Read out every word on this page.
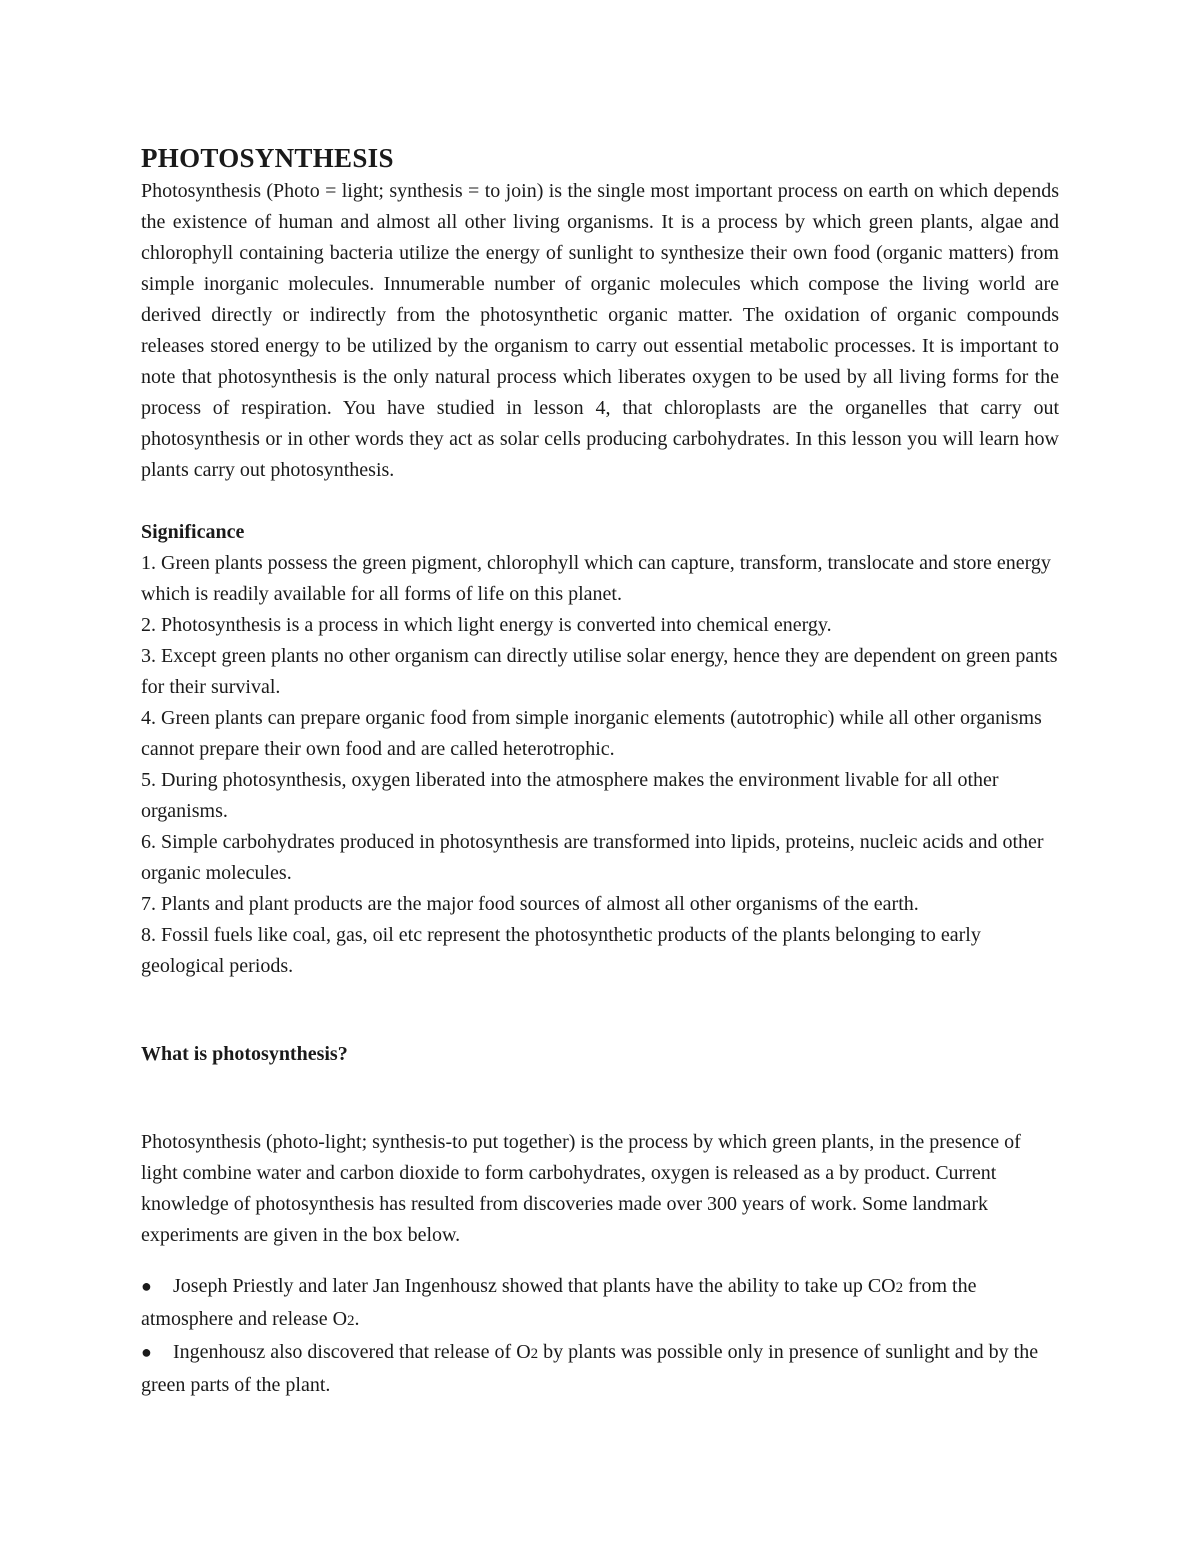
PHOTOSYNTHESIS

Photosynthesis (Photo = light; synthesis = to join) is the single most important process on earth on which depends the existence of human and almost all other living organisms. It is a process by which green plants, algae and chlorophyll containing bacteria utilize the energy of sunlight to synthesize their own food (organic matters) from simple inorganic molecules. Innumerable number of organic molecules which compose the living world are derived directly or indirectly from the photosynthetic organic matter. The oxidation of organic compounds releases stored energy to be utilized by the organism to carry out essential metabolic processes. It is important to note that photosynthesis is the only natural process which liberates oxygen to be used by all living forms for the process of respiration. You have studied in lesson 4, that chloroplasts are the organelles that carry out photosynthesis or in other words they act as solar cells producing carbohydrates. In this lesson you will learn how plants carry out photosynthesis.

Significance

1. Green plants possess the green pigment, chlorophyll which can capture, transform, translocate and store energy which is readily available for all forms of life on this planet.

2. Photosynthesis is a process in which light energy is converted into chemical energy.

3. Except green plants no other organism can directly utilise solar energy, hence they are dependent on green pants for their survival.

4. Green plants can prepare organic food from simple inorganic elements (autotrophic) while all other organisms cannot prepare their own food and are called heterotrophic.

5. During photosynthesis, oxygen liberated into the atmosphere makes the environment livable for all other organisms.

6. Simple carbohydrates produced in photosynthesis are transformed into lipids, proteins, nucleic acids and other organic molecules.

7. Plants and plant products are the major food sources of almost all other organisms of the earth.

8. Fossil fuels like coal, gas, oil etc represent the photosynthetic products of the plants belonging to early geological periods.

What is photosynthesis?

Photosynthesis (photo-light; synthesis-to put together) is the process by which green plants, in the presence of light combine water and carbon dioxide to form carbohydrates, oxygen is released as a by product. Current knowledge of photosynthesis has resulted from discoveries made over 300 years of work. Some landmark experiments are given in the box below.

● Joseph Priestly and later Jan Ingenhousz showed that plants have the ability to take up CO2 from the atmosphere and release O2.

● Ingenhousz also discovered that release of O2 by plants was possible only in presence of sunlight and by the green parts of the plant.
